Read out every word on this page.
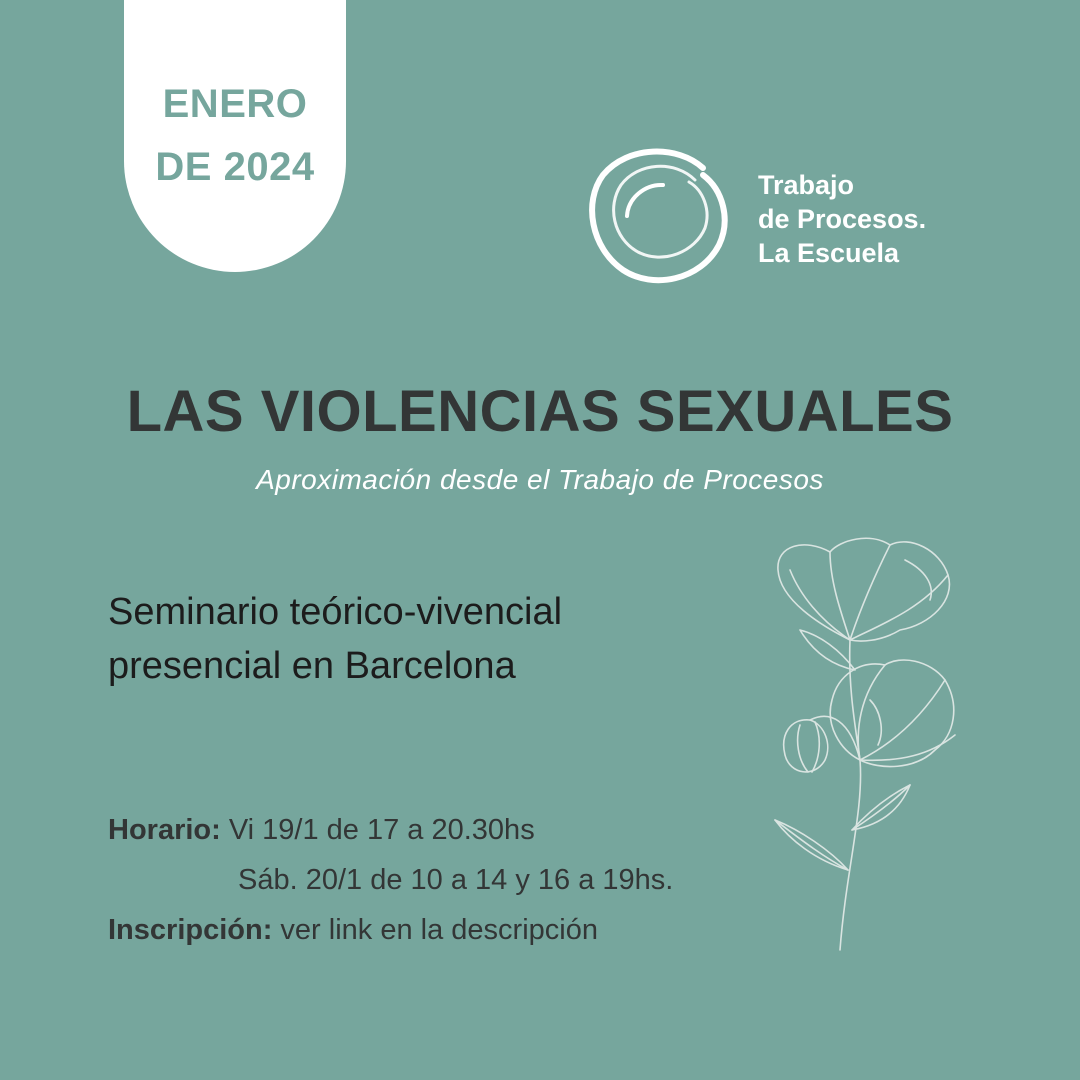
ENERO
DE 2024	Trabajo
de Procesos.
La Escuela
LAS VIOLENCIAS SEXUALES
Aproximación desde el Trabajo de Procesos
Seminario teórico-vivencial
presencial en Barcelona
Horario: Vi 19/1 de 17 a 20.30hs
Sáb. 20/1 de 10 a 14 y 16 a 19hs.
Inscripción: ver link en la descripción
